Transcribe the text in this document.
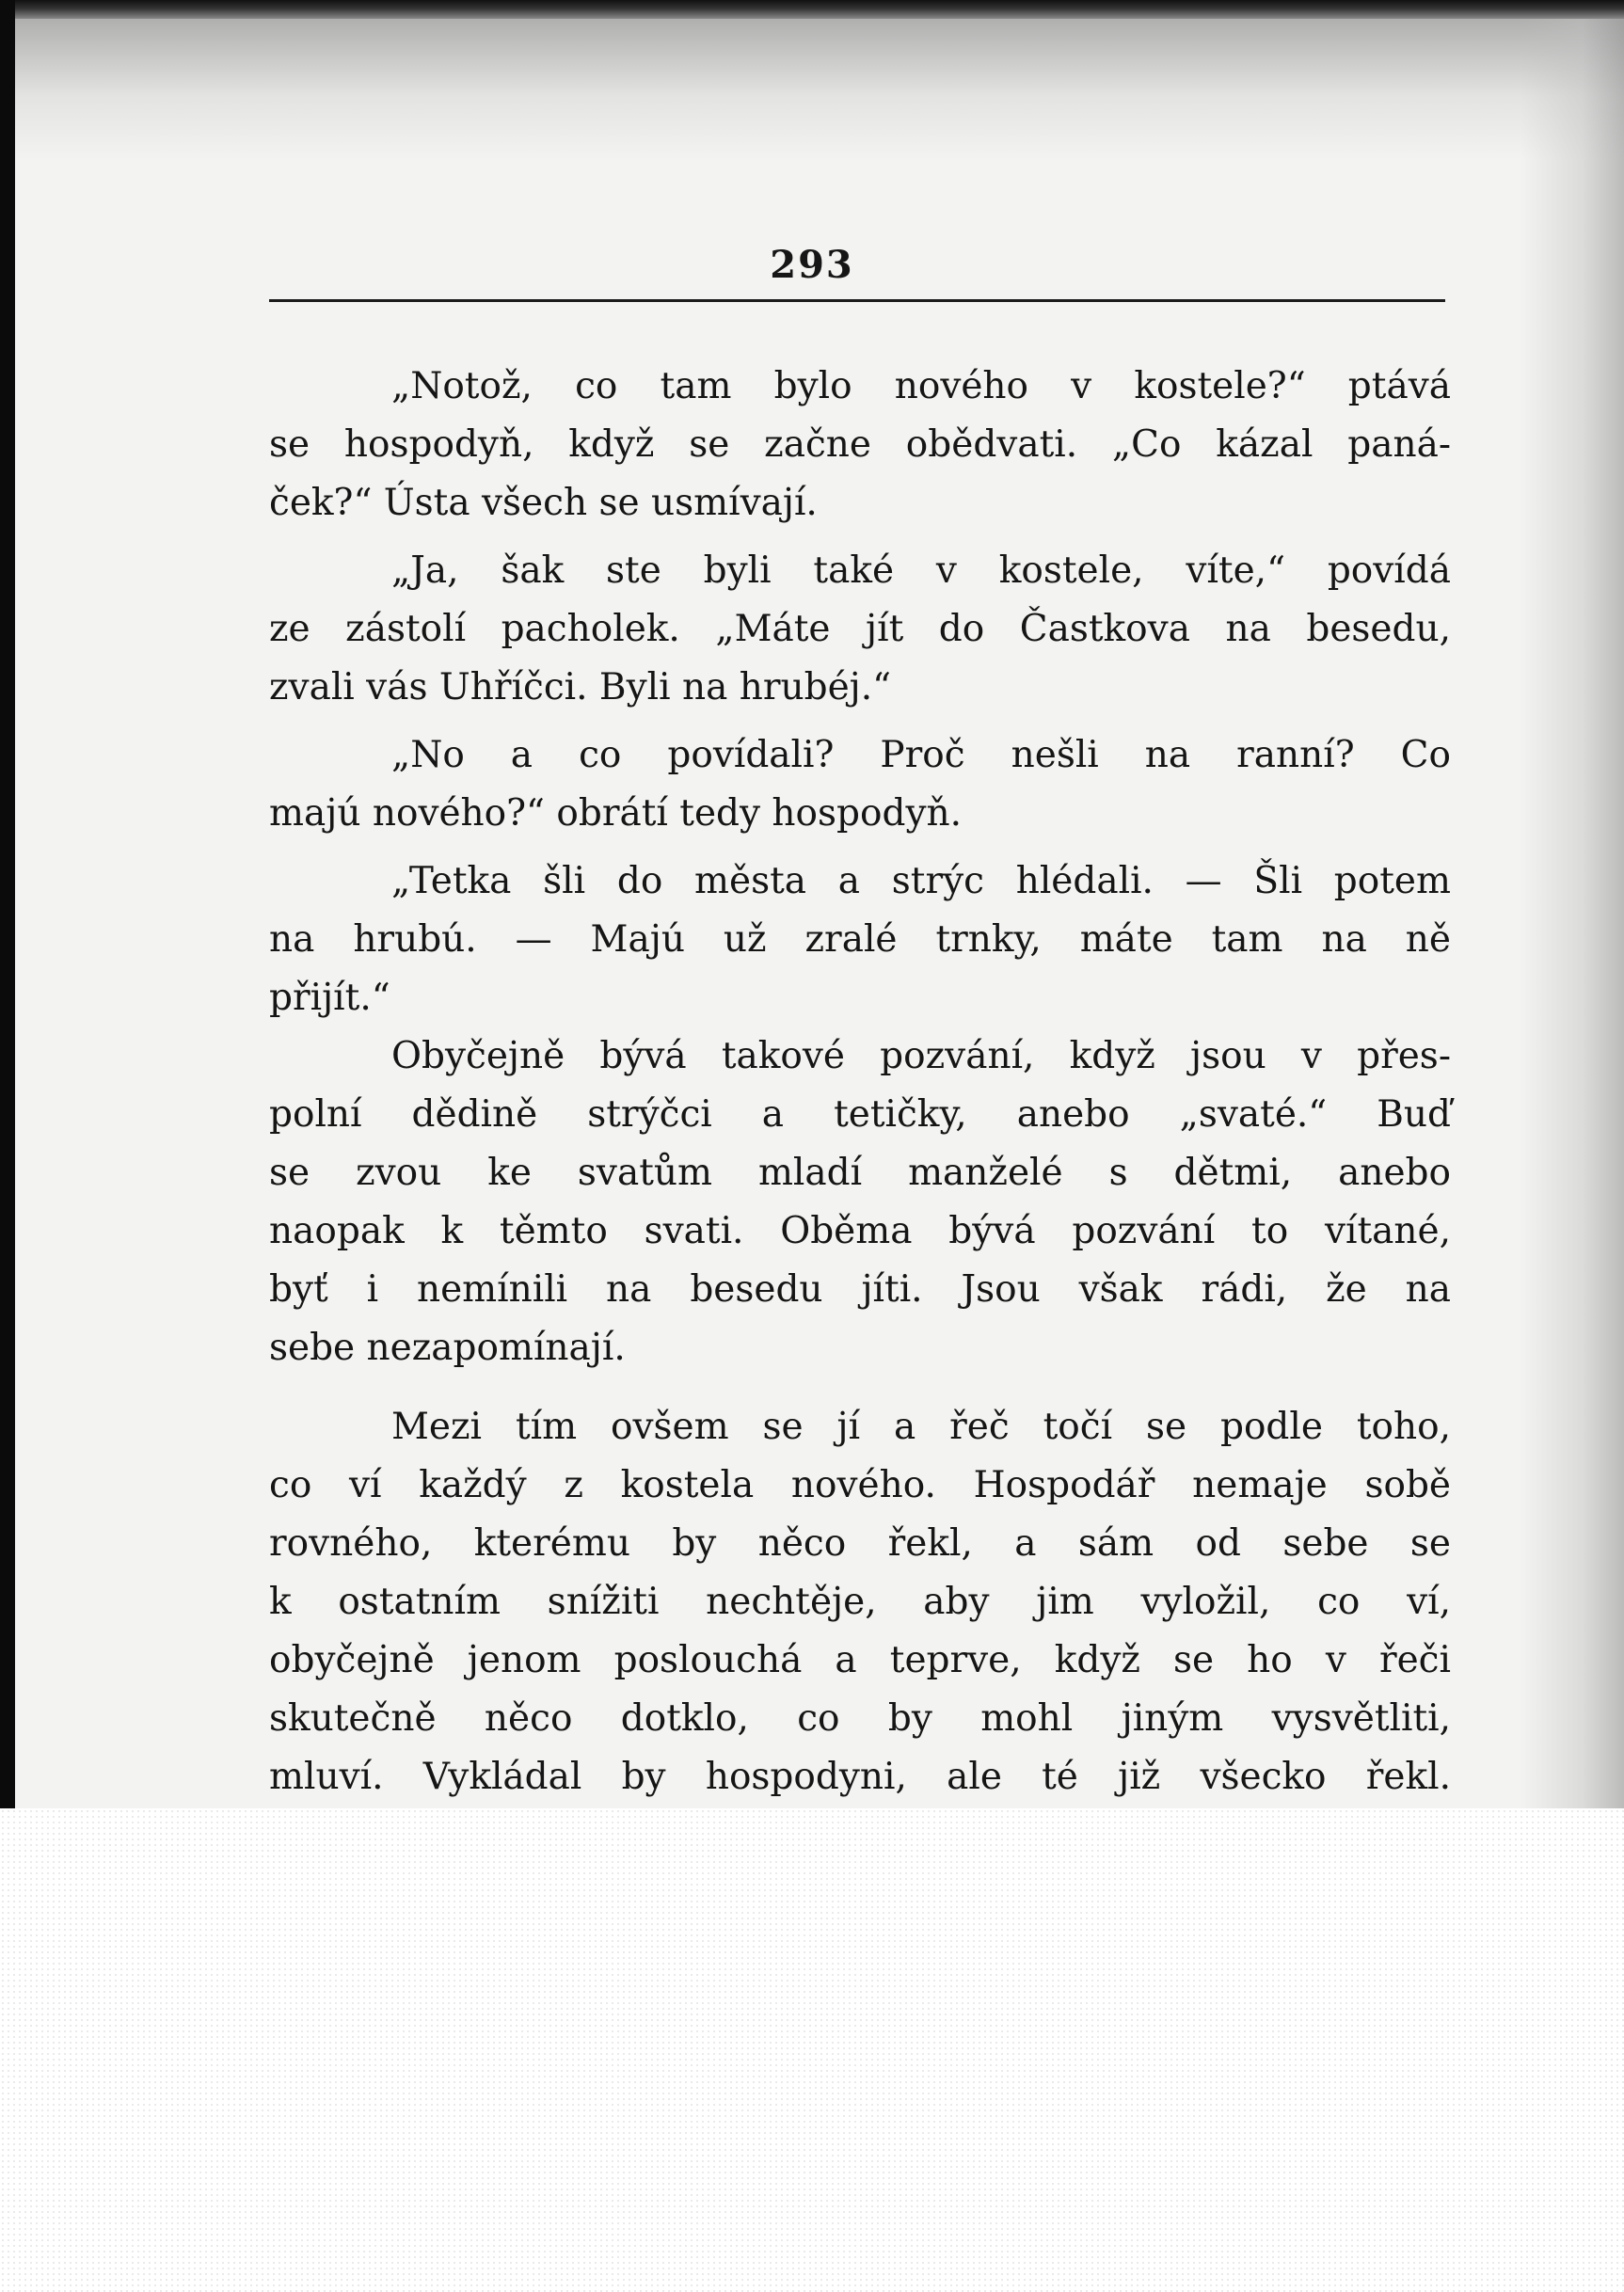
293
„Notož, co tam bylo nového v kostele?“ ptává
se hospodyň, když se začne obědvati. „Co kázal paná-
ček?“ Ústa všech se usmívají.
„Ja, šak ste byli také v kostele, víte,“ povídá
ze zástolí pacholek. „Máte jít do Častkova na besedu,
zvali vás Uhříčci. Byli na hrubéj.“
„No a co povídali? Proč nešli na ranní? Co
majú nového?“ obrátí tedy hospodyň.
„Tetka šli do města a strýc hlédali. — Šli potem
na hrubú. — Majú už zralé trnky, máte tam na ně
přijít.“
Obyčejně bývá takové pozvání, když jsou v přes-
polní dědině strýčci a tetičky, anebo „svaté.“ Buď
se zvou ke svatům mladí manželé s dětmi, anebo
naopak k těmto svati. Oběma bývá pozvání to vítané,
byť i nemínili na besedu jíti. Jsou však rádi, že na
sebe nezapomínají.
Mezi tím ovšem se jí a řeč točí se podle toho,
co ví každý z kostela nového. Hospodář nemaje sobě
rovného, kterému by něco řekl, a sám od sebe se
k ostatním sníž̌iti nechtěje, aby jim vyložil, co ví,
obyčejně jenom poslouchá a teprve, když se ho v řeči
skutečně něco dotklo, co by mohl jiným vysvětliti,
mluví. Vykládal by hospodyni, ale té již všecko řekl.
